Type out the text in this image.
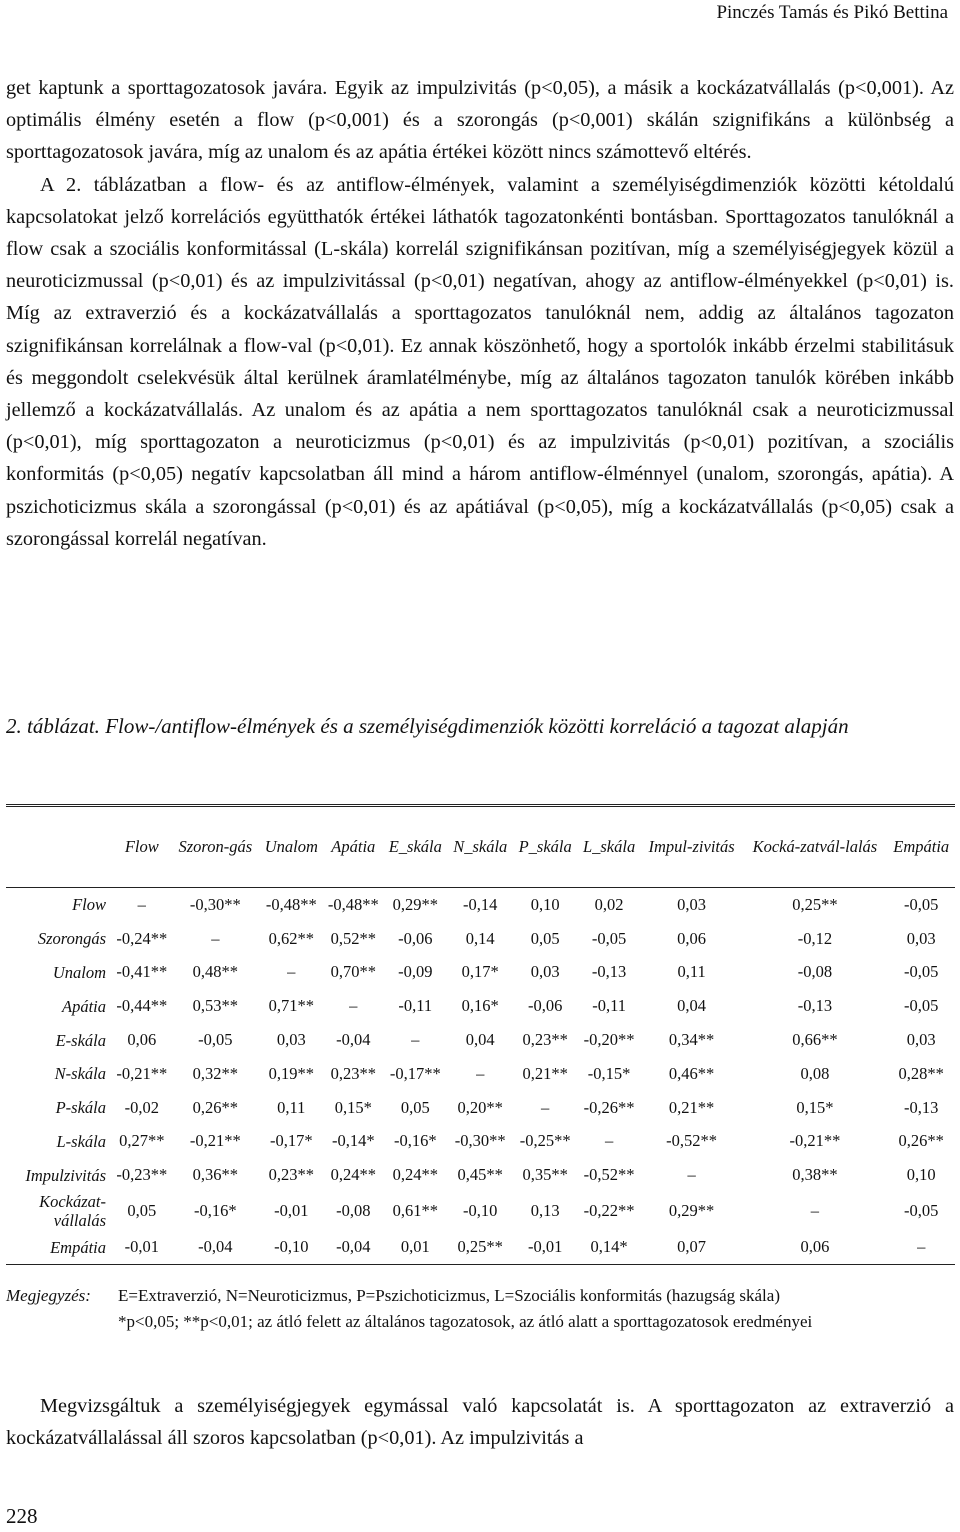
Pinczés Tamás és Pikó Bettina

get kaptunk a sporttagozatosok javára. Egyik az impulzivitás (p<0,05), a másik a kockázatvállalás (p<0,001). Az optimális élmény esetén a flow (p<0,001) és a szorongás (p<0,001) skálán szignifikáns a különbség a sporttagozatosok javára, míg az unalom és az apátia értékei között nincs számottevő eltérés.

A 2. táblázatban a flow- és az antiflow-élmények, valamint a személyiségdimenziók közötti kétoldalú kapcsolatokat jelző korrelációs együtthatók értékei láthatók tagozatonkénti bontásban. Sporttagozatos tanulóknál a flow csak a szociális konformitással (L-skála) korrelál szignifikánsan pozitívan, míg a személyiségjegyek közül a neuroticizmussal (p<0,01) és az impulzivitással (p<0,01) negatívan, ahogy az antiflow-élményekkel (p<0,01) is. Míg az extraverzió és a kockázatvállalás a sporttagozatos tanulóknál nem, addig az általános tagozaton szignifikánsan korrelálnak a flow-val (p<0,01). Ez annak köszönhető, hogy a sportolók inkább érzelmi stabilitásuk és meggondolt cselekvésük által kerülnek áramlatélménybe, míg az általános tagozaton tanulók körében inkább jellemző a kockázatvállalás. Az unalom és az apátia a nem sporttagozatos tanulóknál csak a neuroticizmussal (p<0,01), míg sporttagozaton a neuroticizmus (p<0,01) és az impulzivitás (p<0,01) pozitívan, a szociális konformitás (p<0,05) negatív kapcsolatban áll mind a három antiflow-élménnyel (unalom, szorongás, apátia). A pszichoticizmus skála a szorongással (p<0,01) és az apátiával (p<0,05), míg a kockázatvállalás (p<0,05) csak a szorongással korrelál negatívan.

2. táblázat. Flow-/antiflow-élmények és a személyiségdimenziók közötti korreláció a tagozat alapján

	Flow	Szoron-gás	Unalom	Apátia	E_skála	N_skála	P_skála	L_skála	Impul-zivitás	Kocká-zatvál-lalás	Empátia
Flow	–	-0,30**	-0,48**	-0,48**	0,29**	-0,14	0,10	0,02	0,03	0,25**	-0,05
Szorongás	-0,24**	–	0,62**	0,52**	-0,06	0,14	0,05	-0,05	0,06	-0,12	0,03
Unalom	-0,41**	0,48**	–	0,70**	-0,09	0,17*	0,03	-0,13	0,11	-0,08	-0,05
Apátia	-0,44**	0,53**	0,71**	–	-0,11	0,16*	-0,06	-0,11	0,04	-0,13	-0,05
E-skála	0,06	-0,05	0,03	-0,04	–	0,04	0,23**	-0,20**	0,34**	0,66**	0,03
N-skála	-0,21**	0,32**	0,19**	0,23**	-0,17**	–	0,21**	-0,15*	0,46**	0,08	0,28**
P-skála	-0,02	0,26**	0,11	0,15*	0,05	0,20**	–	-0,26**	0,21**	0,15*	-0,13
L-skála	0,27**	-0,21**	-0,17*	-0,14*	-0,16*	-0,30**	-0,25**	–	-0,52**	-0,21**	0,26**
Impulzivitás	-0,23**	0,36**	0,23**	0,24**	0,24**	0,45**	0,35**	-0,52**	–	0,38**	0,10
Kockázat-vállalás	0,05	-0,16*	-0,01	-0,08	0,61**	-0,10	0,13	-0,22**	0,29**	–	-0,05
Empátia	-0,01	-0,04	-0,10	-0,04	0,01	0,25**	-0,01	0,14*	0,07	0,06	–
Megjegyzés: E=Extraverzió, N=Neuroticizmus, P=Pszichoticizmus, L=Szociális konformitás (hazugság skála)
*p<0,05; **p<0,01; az átló felett az általános tagozatosok, az átló alatt a sporttagozatosok eredményei

Megvizsgáltuk a személyiségjegyek egymással való kapcsolatát is. A sporttagozaton az extraverzió a kockázatvállalással áll szoros kapcsolatban (p<0,01). Az impulzivitás a

228
